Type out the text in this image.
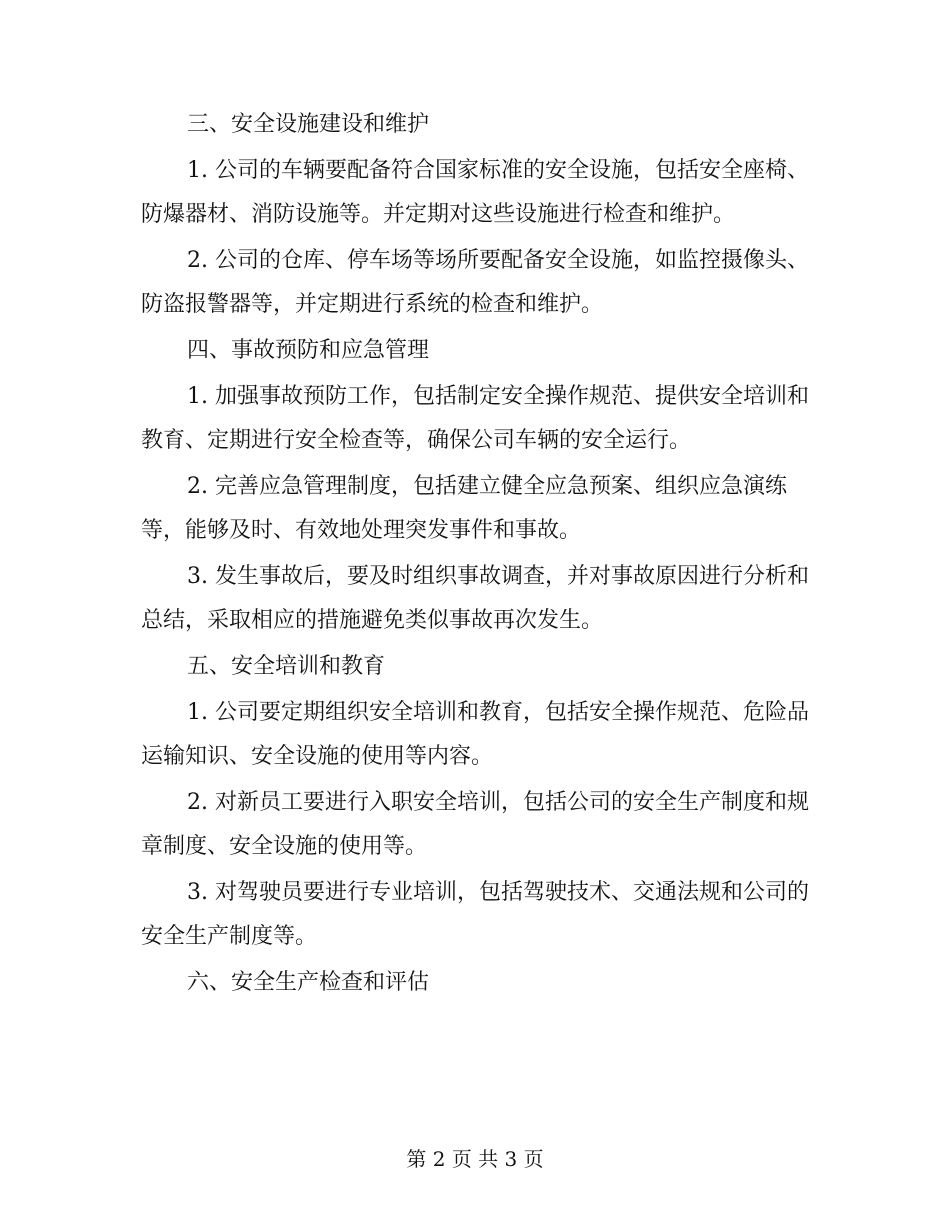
三、安全设施建设和维护

1. 公司的车辆要配备符合国家标准的安全设施，包括安全座椅、防爆器材、消防设施等。并定期对这些设施进行检查和维护。

2. 公司的仓库、停车场等场所要配备安全设施，如监控摄像头、防盗报警器等，并定期进行系统的检查和维护。

四、事故预防和应急管理

1. 加强事故预防工作，包括制定安全操作规范、提供安全培训和教育、定期进行安全检查等，确保公司车辆的安全运行。

2. 完善应急管理制度，包括建立健全应急预案、组织应急演练等，能够及时、有效地处理突发事件和事故。

3. 发生事故后，要及时组织事故调查，并对事故原因进行分析和总结，采取相应的措施避免类似事故再次发生。

五、安全培训和教育

1. 公司要定期组织安全培训和教育，包括安全操作规范、危险品运输知识、安全设施的使用等内容。

2. 对新员工要进行入职安全培训，包括公司的安全生产制度和规章制度、安全设施的使用等。

3. 对驾驶员要进行专业培训，包括驾驶技术、交通法规和公司的安全生产制度等。

六、安全生产检查和评估

第 2 页 共 3 页
